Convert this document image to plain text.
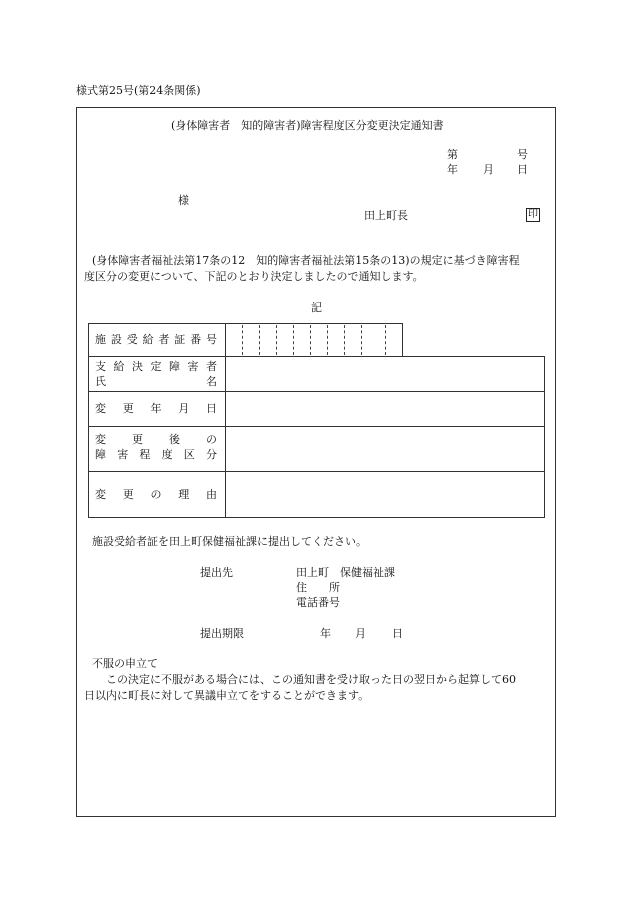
様式第25号(第24条関係)
(身体障害者　知的障害者)障害程度区分変更決定通知書
第	号
年 月 日
様
田上町長	印
(身体障害者福祉法第17条の12　知的障害者福祉法第15条の13)の規定に基づき障害程
度区分の変更について、下記のとおり決定しましたので通知します。
記
施設受給者証番号
支給決定障害者
氏名
変更年月日
変更後の
障害程度区分
変更の理由
施設受給者証を田上町保健福祉課に提出してください。
提出先	田上町　保健福祉課
住　所
電話番号
提出期限	年 月 日
不服の申立て
この決定に不服がある場合には、この通知書を受け取った日の翌日から起算して60
日以内に町長に対して異議申立てをすることができます。
